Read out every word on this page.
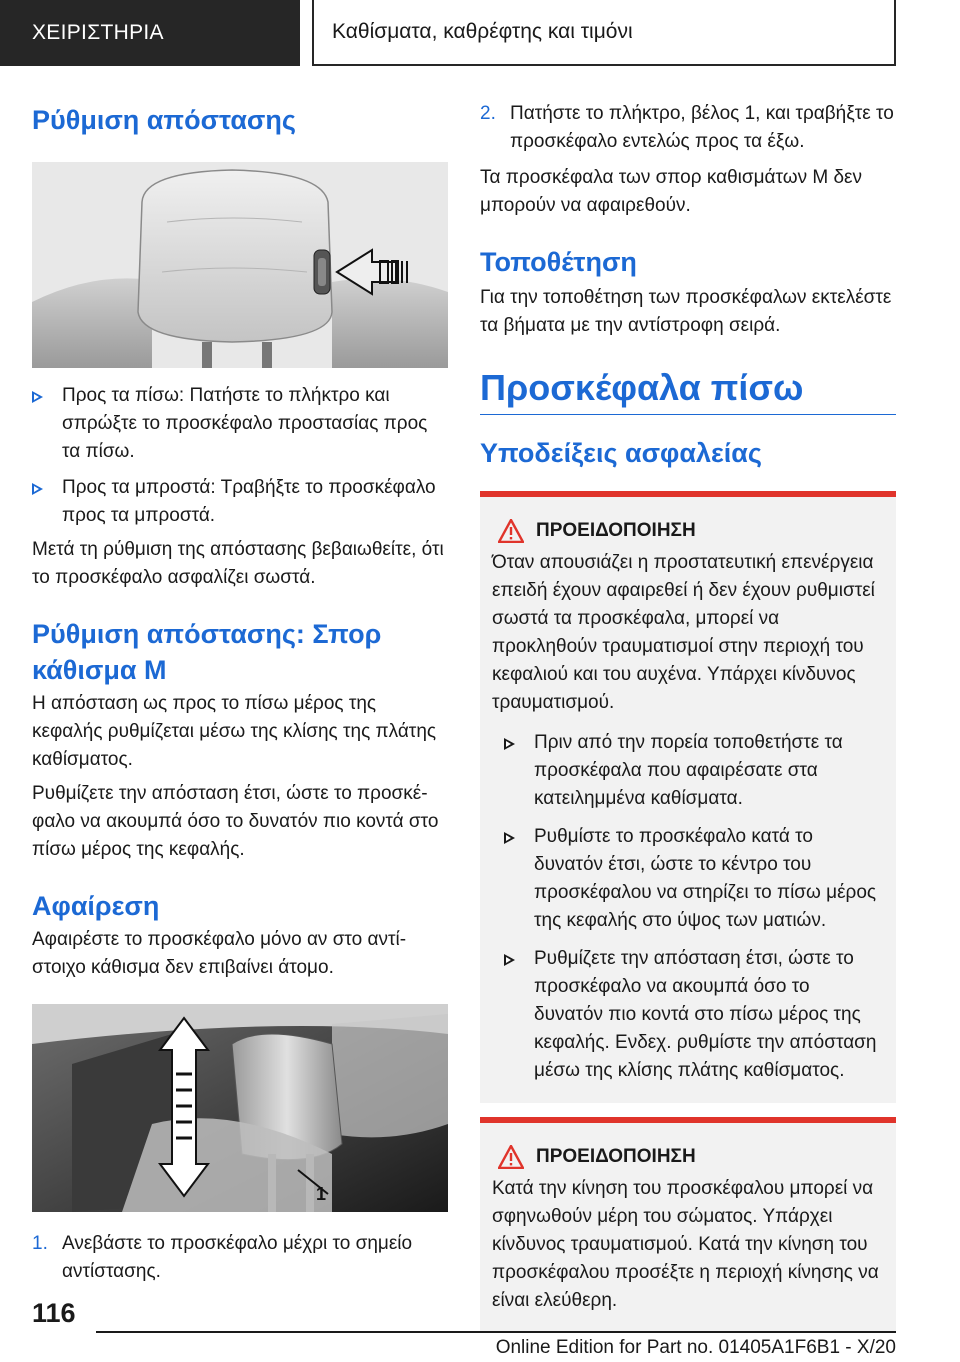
ΧΕΙΡΙΣΤΗΡΙΑ	Καθίσματα, καθρέφτης και τιμόνι
Ρύθμιση απόστασης
Προς τα πίσω: Πατήστε το πλήκτρο και σπρώξτε το προσκέφαλο προστασίας προς τα πίσω.
Προς τα μπροστά: Τραβήξτε το προσκέφαλο προς τα μπροστά.

Μετά τη ρύθμιση της απόστασης βεβαιωθείτε, ότι το προσκέφαλο ασφαλίζει σωστά.

Ρύθμιση απόστασης: Σπορ
κάθισμα M

Η απόσταση ως προς το πίσω μέρος της κεφαλής ρυθμίζεται μέσω της κλίσης της πλάτης καθίσματος.

Ρυθμίζετε την απόσταση έτσι, ώστε το προσκέφαλο να ακουμπά όσο το δυνατόν πιο κοντά στο πίσω μέρος της κεφαλής.

Αφαίρεση

Αφαιρέστε το προσκέφαλο μόνο αν στο αντίστοιχο κάθισμα δεν επιβαίνει άτομο.

1
1. Ανεβάστε το προσκέφαλο μέχρι το σημείο αντίστασης.
2. Πατήστε το πλήκτρο, βέλος 1, και τραβήξτε το προσκέφαλο εντελώς προς τα έξω.

Τα προσκέφαλα των σπορ καθισμάτων M δεν μπορούν να αφαιρεθούν.

Τοποθέτηση

Για την τοποθέτηση των προσκέφαλων εκτελέστε τα βήματα με την αντίστροφη σειρά.

Προσκέφαλα πίσω
Υποδείξεις ασφαλείας
ΠΡΟΕΙΔΟΠΟΙΗΣΗ

Όταν απουσιάζει η προστατευτική επενέργεια επειδή έχουν αφαιρεθεί ή δεν έχουν ρυθμιστεί σωστά τα προσκέφαλα, μπορεί να προκληθούν τραυματισμοί στην περιοχή του κεφαλιού και του αυχένα. Υπάρχει κίνδυνος τραυματισμού.

Πριν από την πορεία τοποθετήστε τα προσκέφαλα που αφαιρέσατε στα κατειλημμένα καθίσματα.
Ρυθμίστε το προσκέφαλο κατά το δυνατόν έτσι, ώστε το κέντρο του προσκέφαλου να στηρίζει το πίσω μέρος της κεφαλής στο ύψος των ματιών.
Ρυθμίζετε την απόσταση έτσι, ώστε το προσκέφαλο να ακουμπά όσο το δυνατόν πιο κοντά στο πίσω μέρος της κεφαλής. Ενδεχ. ρυθμίστε την απόσταση μέσω της κλίσης πλάτης καθίσματος.
ΠΡΟΕΙΔΟΠΟΙΗΣΗ

Κατά την κίνηση του προσκέφαλου μπορεί να σφηνωθούν μέρη του σώματος. Υπάρχει κίνδυνος τραυματισμού. Κατά την κίνηση του προσκέφαλου προσέξτε η περιοχή κίνησης να είναι ελεύθερη.

116
Online Edition for Part no. 01405A1F6B1 - X/20
